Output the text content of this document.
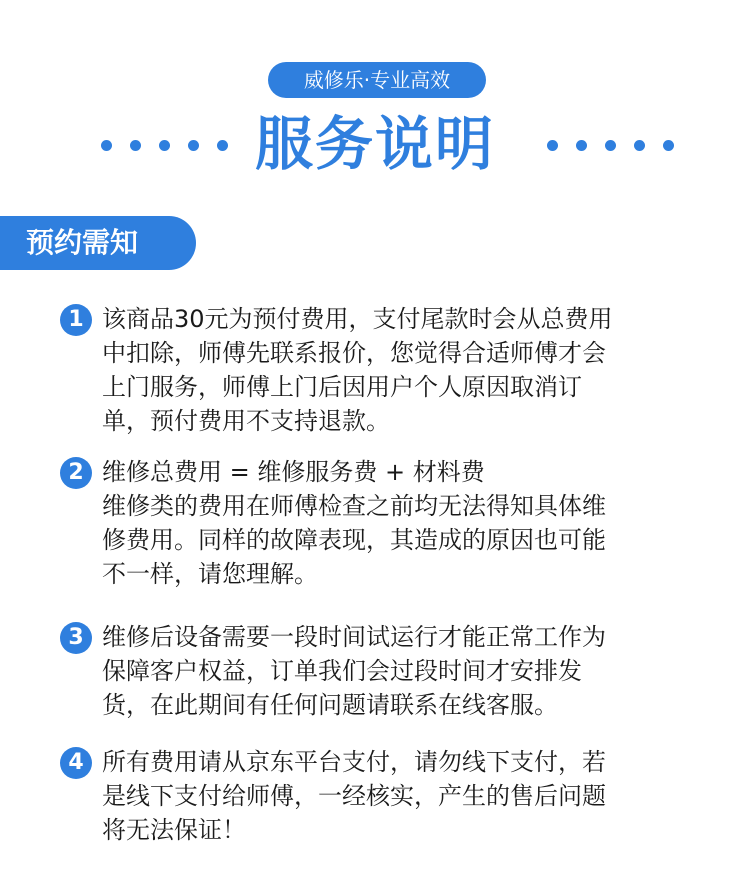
威修乐·专业高效
服务说明
预约需知
1 该商品30元为预付费用，支付尾款时会从总费用
中扣除，师傅先联系报价，您觉得合适师傅才会
上门服务，师傅上门后因用户个人原因取消订
单，预付费用不支持退款。
2 维修总费用 = 维修服务费 + 材料费
维修类的费用在师傅检查之前均无法得知具体维
修费用。同样的故障表现，其造成的原因也可能
不一样，请您理解。
3 维修后设备需要一段时间试运行才能正常工作为
保障客户权益，订单我们会过段时间才安排发
货，在此期间有任何问题请联系在线客服。
4 所有费用请从京东平台支付，请勿线下支付，若
是线下支付给师傅，一经核实，产生的售后问题
将无法保证！
